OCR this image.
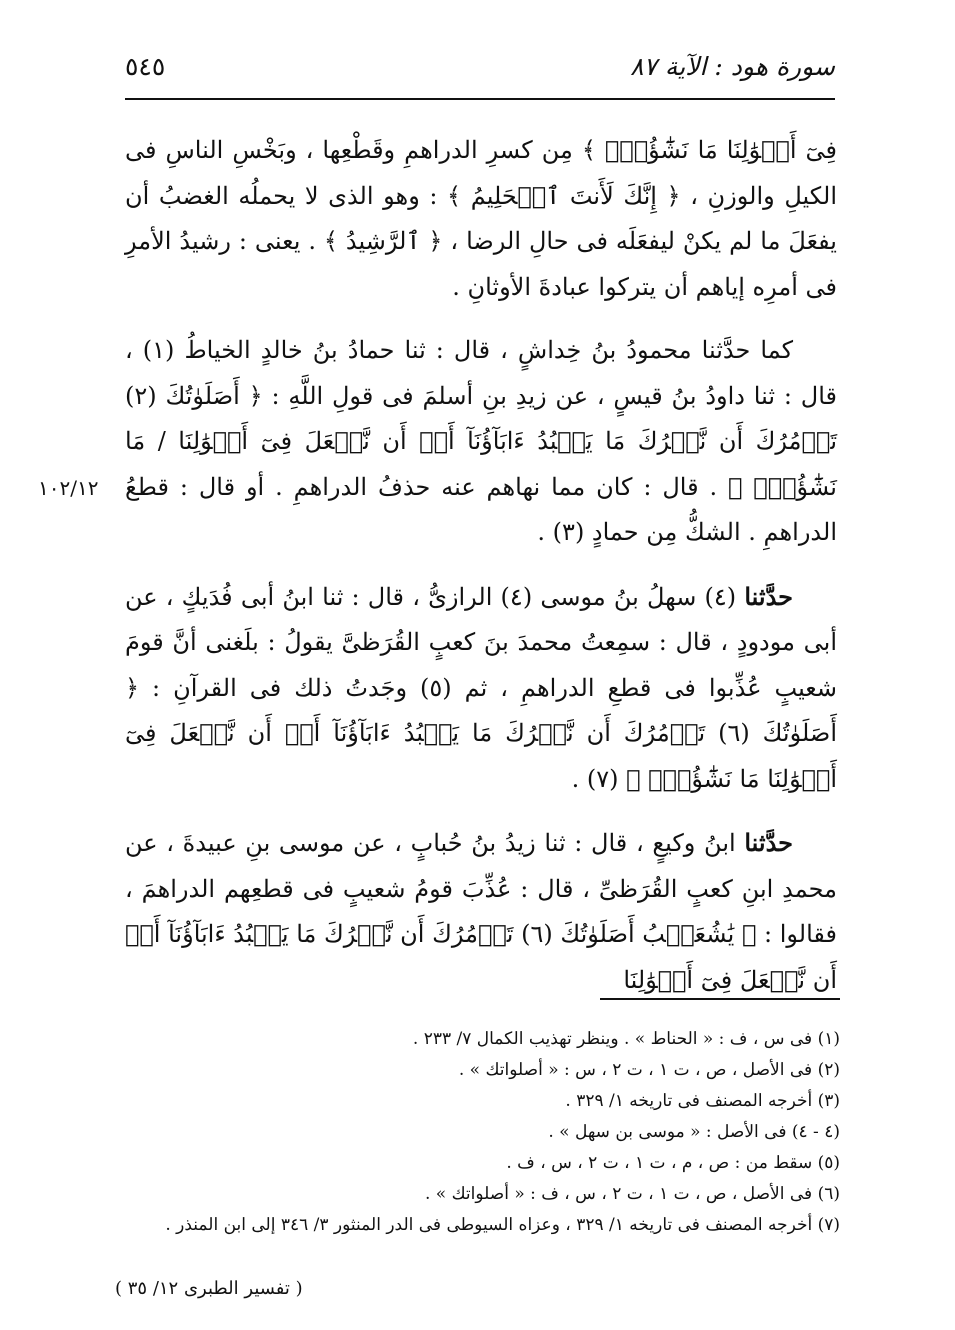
سورة هود : الآية ٨٧
٥٤٥
١٠٢/١٢

فِىٓ أَمۡوَٰلِنَا مَا نَشَٰٓؤُاْۖ ﴾ مِن كسرِ الدراهمِ وقَطْعِها ، وبَخْسِ الناسِ فى الكيلِ والوزنِ ، ﴿ إِنَّكَ لَأَنتَ ٱلۡحَلِيمُ ﴾ : وهو الذى لا يحملُه الغضبُ أن يفعَلَ ما لم يكنْ ليفعَلَه فى حالِ الرضا ، ﴿ ٱلرَّشِيدُ ﴾ . يعنى : رشيدُ الأمرِ فى أمرِه إياهم أن يتركوا عبادةَ الأوثانِ .

كما حدَّثنا محمودُ بنُ خِداشٍ ، قال : ثنا حمادُ بنُ خالدٍ الخياطُ (١) ، قال : ثنا داودُ بنُ قيسٍ ، عن زيدِ بنِ أسلمَ فى قولِ اللَّهِ : ﴿ أَصَلَوٰتُكَ (٢) تَأۡمُرُكَ أَن نَّتۡرُكَ مَا يَعۡبُدُ ءَابَآؤُنَآ أَوۡ أَن نَّفۡعَلَ فِىٓ أَمۡوَٰلِنَا / مَا نَشَٰٓؤُاْۖ ﴾ . قال : كان مما نهاهم عنه حذفُ الدراهمِ . أو قال : قطعُ الدراهمِ . الشكُّ مِن حمادٍ (٣) .

حدَّثنا (٤) سهلُ بنُ موسى (٤) الرازىُّ ، قال : ثنا ابنُ أبى فُدَيكٍ ، عن أبى مودودٍ ، قال : سمِعتُ محمدَ بنَ كعبٍ القُرَظىَّ يقولُ : بلَغنى أنَّ قومَ شعيبٍ عُذِّبوا فى قطعِ الدراهمِ ، ثم (٥) وجَدتُ ذلك فى القرآنِ : ﴿ أَصَلَوٰتُكَ (٦) تَأۡمُرُكَ أَن نَّتۡرُكَ مَا يَعۡبُدُ ءَابَآؤُنَآ أَوۡ أَن نَّفۡعَلَ فِىٓ أَمۡوَٰلِنَا مَا نَشَٰٓؤُاْۖ ﴾ (٧) .

حدَّثنا ابنُ وكيعٍ ، قال : ثنا زيدُ بنُ حُبابٍ ، عن موسى بنِ عبيدةَ ، عن محمدِ ابنِ كعبٍ القُرَظىِّ ، قال : عُذِّبَ قومُ شعيبٍ فى قطعِهم الدراهمَ ، فقالوا : ﴿ يَٰشُعَيۡبُ أَصَلَوٰتُكَ (٦) تَأۡمُرُكَ أَن نَّتۡرُكَ مَا يَعۡبُدُ ءَابَآؤُنَآ أَوۡ أَن نَّفۡعَلَ فِىٓ أَمۡوَٰلِنَا

(١) فى س ، ف : « الحناط » . وينظر تهذيب الكمال ٧/ ٢٣٣ .
(٢) فى الأصل ، ص ، ت ١ ، ت ٢ ، س : « أصلواتك » .
(٣) أخرجه المصنف فى تاريخه ١/ ٣٢٩ .
(٤ - ٤) فى الأصل : « موسى بن سهل » .
(٥) سقط من : ص ، م ، ت ١ ، ت ٢ ، س ، ف .
(٦) فى الأصل ، ص ، ت ١ ، ت ٢ ، س ، ف : « أصلواتك » .
(٧) أخرجه المصنف فى تاريخه ١/ ٣٢٩ ، وعزاه السيوطى فى الدر المنثور ٣/ ٣٤٦ إلى ابن المنذر .
( تفسير الطبرى ١٢/ ٣٥ )
